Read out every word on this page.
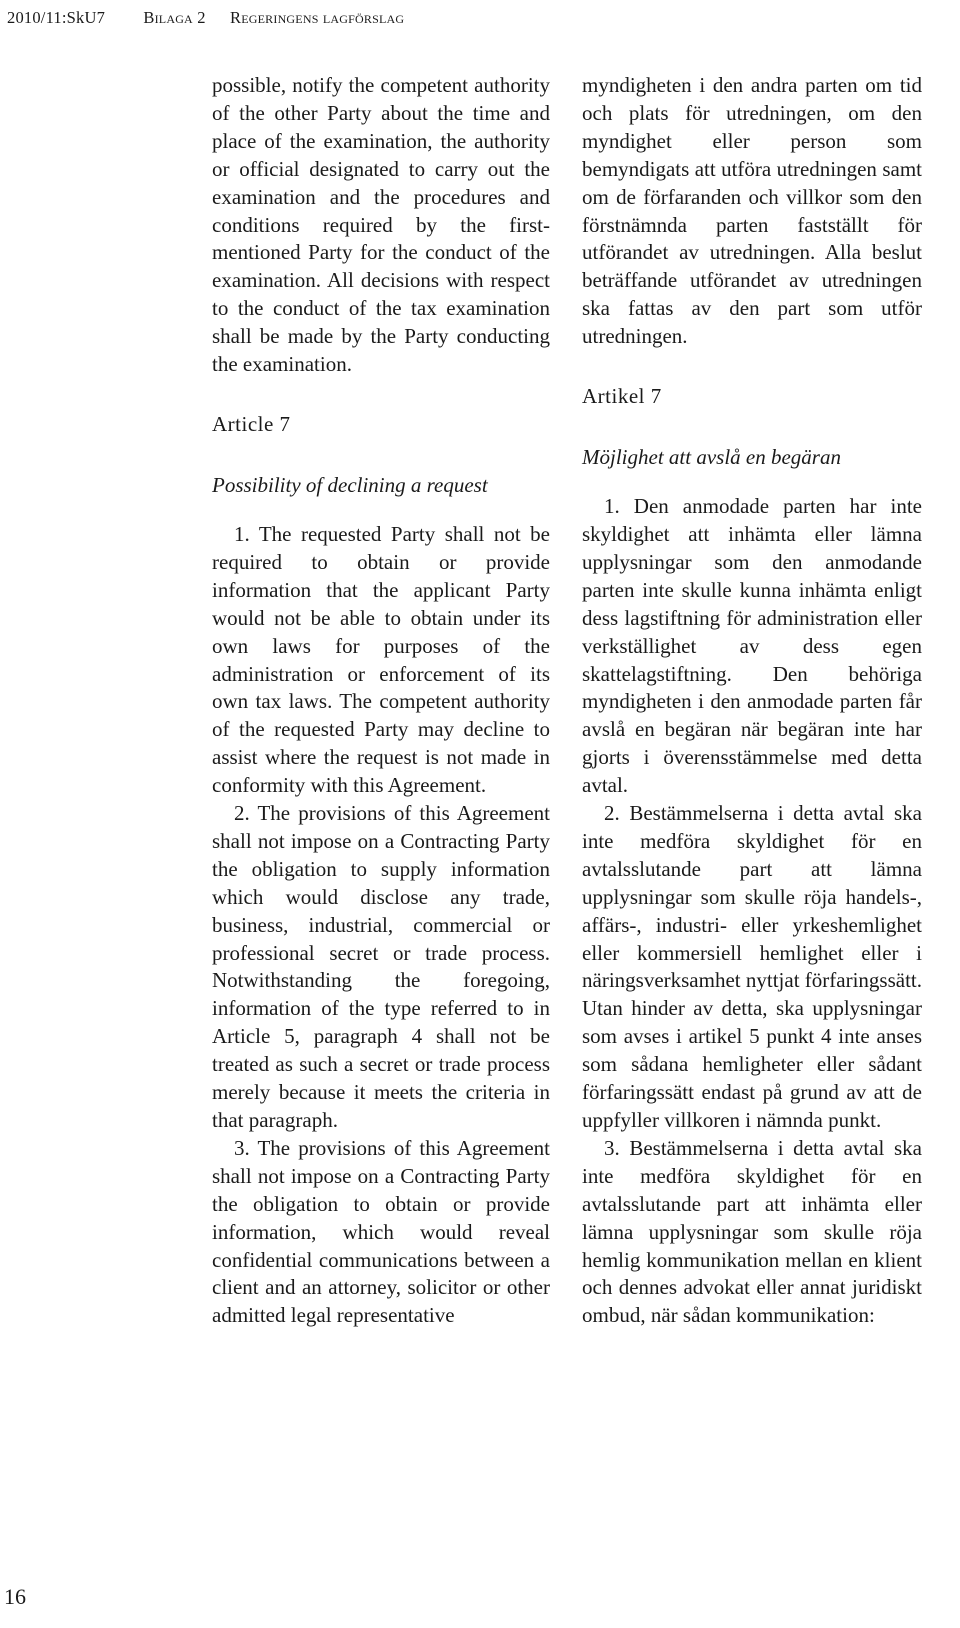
2010/11:SkU7 Bilaga 2 Regeringens lagförslag

possible, notify the competent authority of the other Party about the time and place of the examination, the authority or official designated to carry out the examination and the procedures and conditions required by the first-mentioned Party for the conduct of the examination. All decisions with respect to the conduct of the tax examination shall be made by the Party conducting the examination.

Article 7
Possibility of declining a request

1. The requested Party shall not be required to obtain or provide information that the applicant Party would not be able to obtain under its own laws for purposes of the administration or enforcement of its own tax laws. The competent authority of the requested Party may decline to assist where the request is not made in conformity with this Agreement.

2. The provisions of this Agreement shall not impose on a Contracting Party the obligation to supply information which would disclose any trade, business, industrial, commercial or professional secret or trade process. Notwithstanding the foregoing, information of the type referred to in Article 5, paragraph 4 shall not be treated as such a secret or trade process merely because it meets the criteria in that paragraph.

3. The provisions of this Agreement shall not impose on a Contracting Party the obligation to obtain or provide information, which would reveal confidential communications between a client and an attorney, solicitor or other admitted legal representative

myndigheten i den andra parten om tid och plats för utredningen, om den myndighet eller person som bemyndigats att utföra utredningen samt om de förfaranden och villkor som den förstnämnda parten fastställt för utförandet av utredningen. Alla beslut beträffande utförandet av utredningen ska fattas av den part som utför utredningen.

Artikel 7
Möjlighet att avslå en begäran

1. Den anmodade parten har inte skyldighet att inhämta eller lämna upplysningar som den anmodande parten inte skulle kunna inhämta enligt dess lagstiftning för administration eller verkställighet av dess egen skattelagstiftning. Den behöriga myndigheten i den anmodade parten får avslå en begäran när begäran inte har gjorts i överensstämmelse med detta avtal.

2. Bestämmelserna i detta avtal ska inte medföra skyldighet för en avtalsslutande part att lämna upplysningar som skulle röja handels-, affärs-, industri- eller yrkeshemlighet eller kommersiell hemlighet eller i näringsverksamhet nyttjat förfaringssätt. Utan hinder av detta, ska upplysningar som avses i artikel 5 punkt 4 inte anses som sådana hemligheter eller sådant förfaringssätt endast på grund av att de uppfyller villkoren i nämnda punkt.

3. Bestämmelserna i detta avtal ska inte medföra skyldighet för en avtalsslutande part att inhämta eller lämna upplysningar som skulle röja hemlig kommunikation mellan en klient och dennes advokat eller annat juridiskt ombud, när sådan kommunikation:

16
